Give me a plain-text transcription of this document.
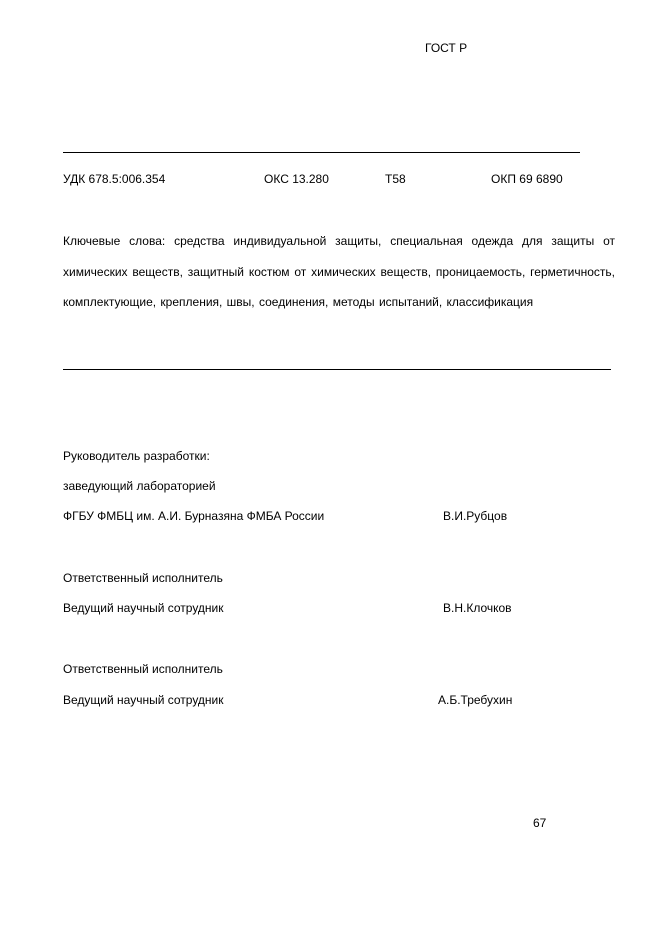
ГОСТ Р
УДК 678.5:006.354	ОКС 13.280	Т58	ОКП 69 6890
Ключевые слова: средства индивидуальной защиты, специальная одежда для защиты от химических веществ, защитный костюм от химических веществ, проницаемость, герметичность, комплектующие, крепления, швы, соединения, методы испытаний, классификация
Руководитель разработки:
заведующий лабораторией
ФГБУ ФМБЦ им. А.И. Бурназяна ФМБА России	В.И.Рубцов
Ответственный исполнитель
Ведущий научный сотрудник	В.Н.Клочков
Ответственный исполнитель
Ведущий научный сотрудник	А.Б.Требухин
67
